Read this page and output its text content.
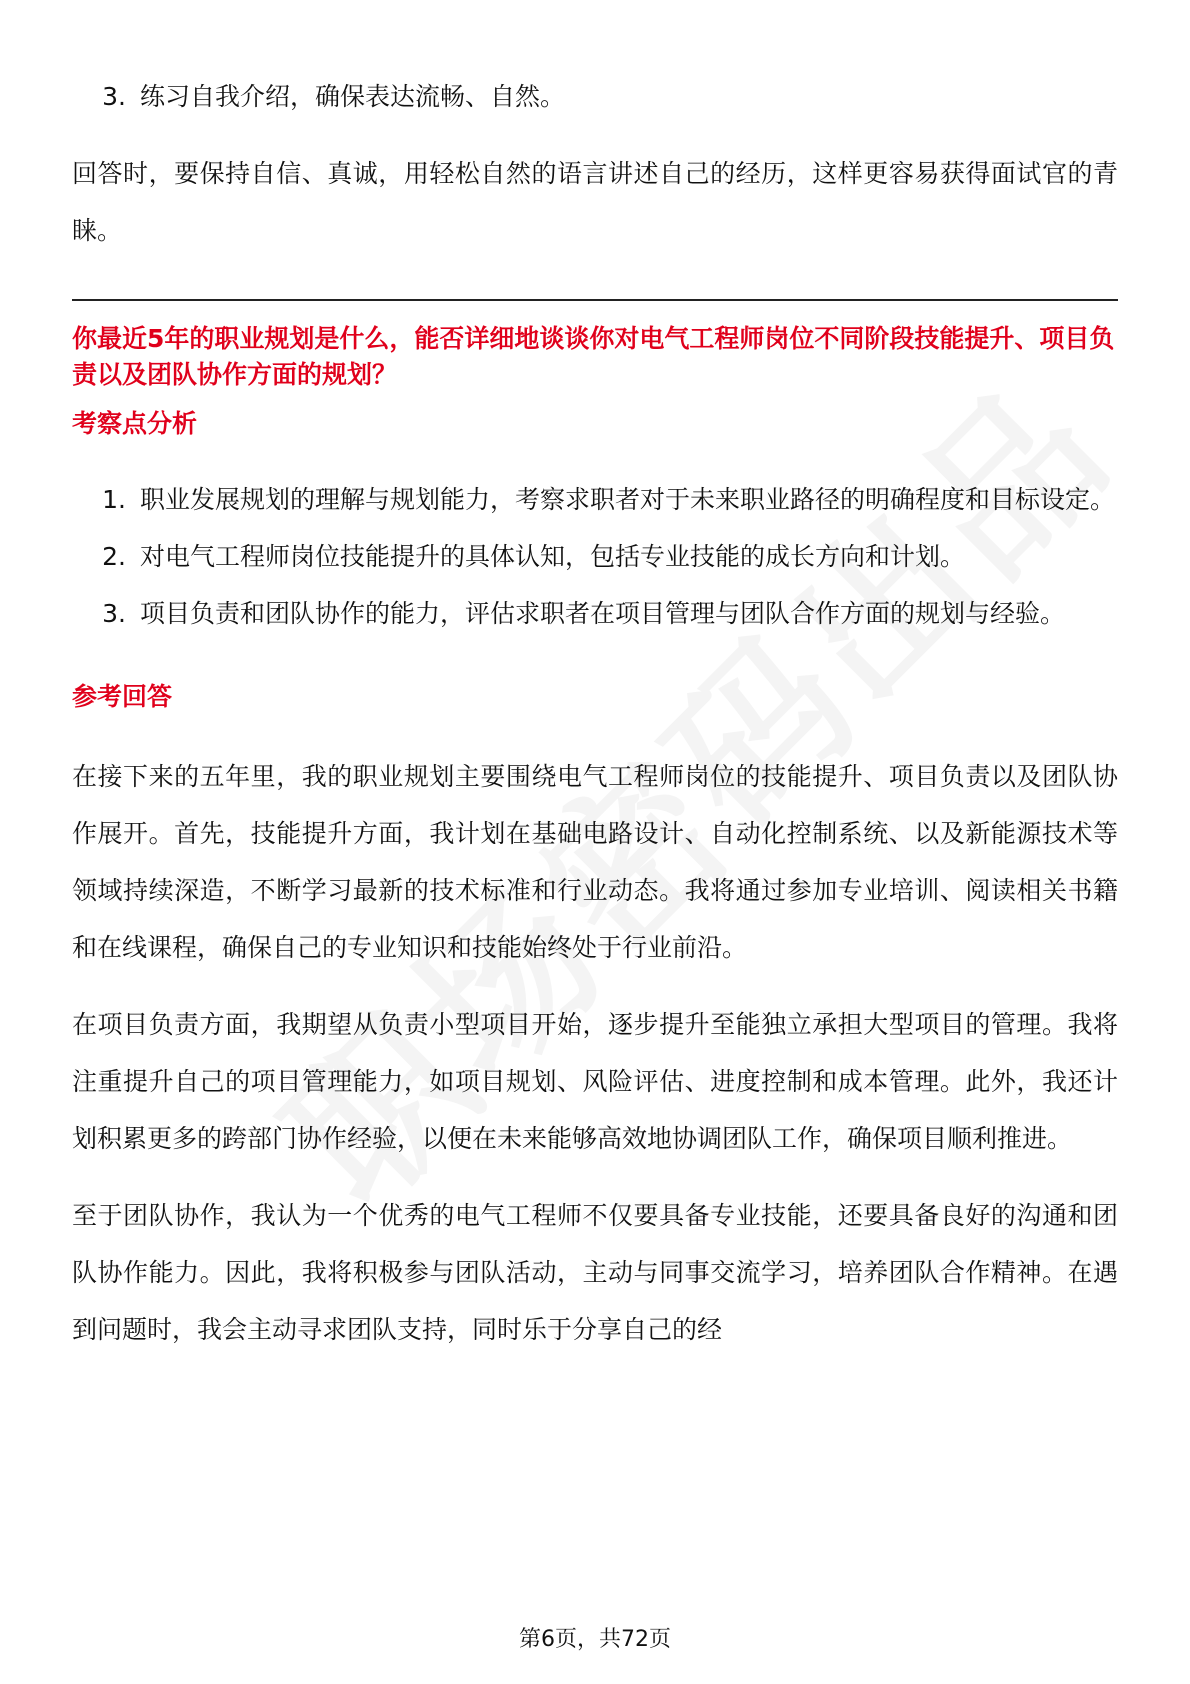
3. 练习自我介绍，确保表达流畅、自然。

回答时，要保持自信、真诚，用轻松自然的语言讲述自己的经历，这样更容易获得面试官的青睐。

你最近5年的职业规划是什么，能否详细地谈谈你对电气工程师岗位不同阶段技能提升、项目负责以及团队协作方面的规划？

考察点分析

1. 职业发展规划的理解与规划能力，考察求职者对于未来职业路径的明确程度和目标设定。
2. 对电气工程师岗位技能提升的具体认知，包括专业技能的成长方向和计划。
3. 项目负责和团队协作的能力，评估求职者在项目管理与团队合作方面的规划与经验。

参考回答

在接下来的五年里，我的职业规划主要围绕电气工程师岗位的技能提升、项目负责以及团队协作展开。首先，技能提升方面，我计划在基础电路设计、自动化控制系统、以及新能源技术等领域持续深造，不断学习最新的技术标准和行业动态。我将通过参加专业培训、阅读相关书籍和在线课程，确保自己的专业知识和技能始终处于行业前沿。

在项目负责方面，我期望从负责小型项目开始，逐步提升至能独立承担大型项目的管理。我将注重提升自己的项目管理能力，如项目规划、风险评估、进度控制和成本管理。此外，我还计划积累更多的跨部门协作经验，以便在未来能够高效地协调团队工作，确保项目顺利推进。

至于团队协作，我认为一个优秀的电气工程师不仅要具备专业技能，还要具备良好的沟通和团队协作能力。因此，我将积极参与团队活动，主动与同事交流学习，培养团队合作精神。在遇到问题时，我会主动寻求团队支持，同时乐于分享自己的经

第6页，共72页
